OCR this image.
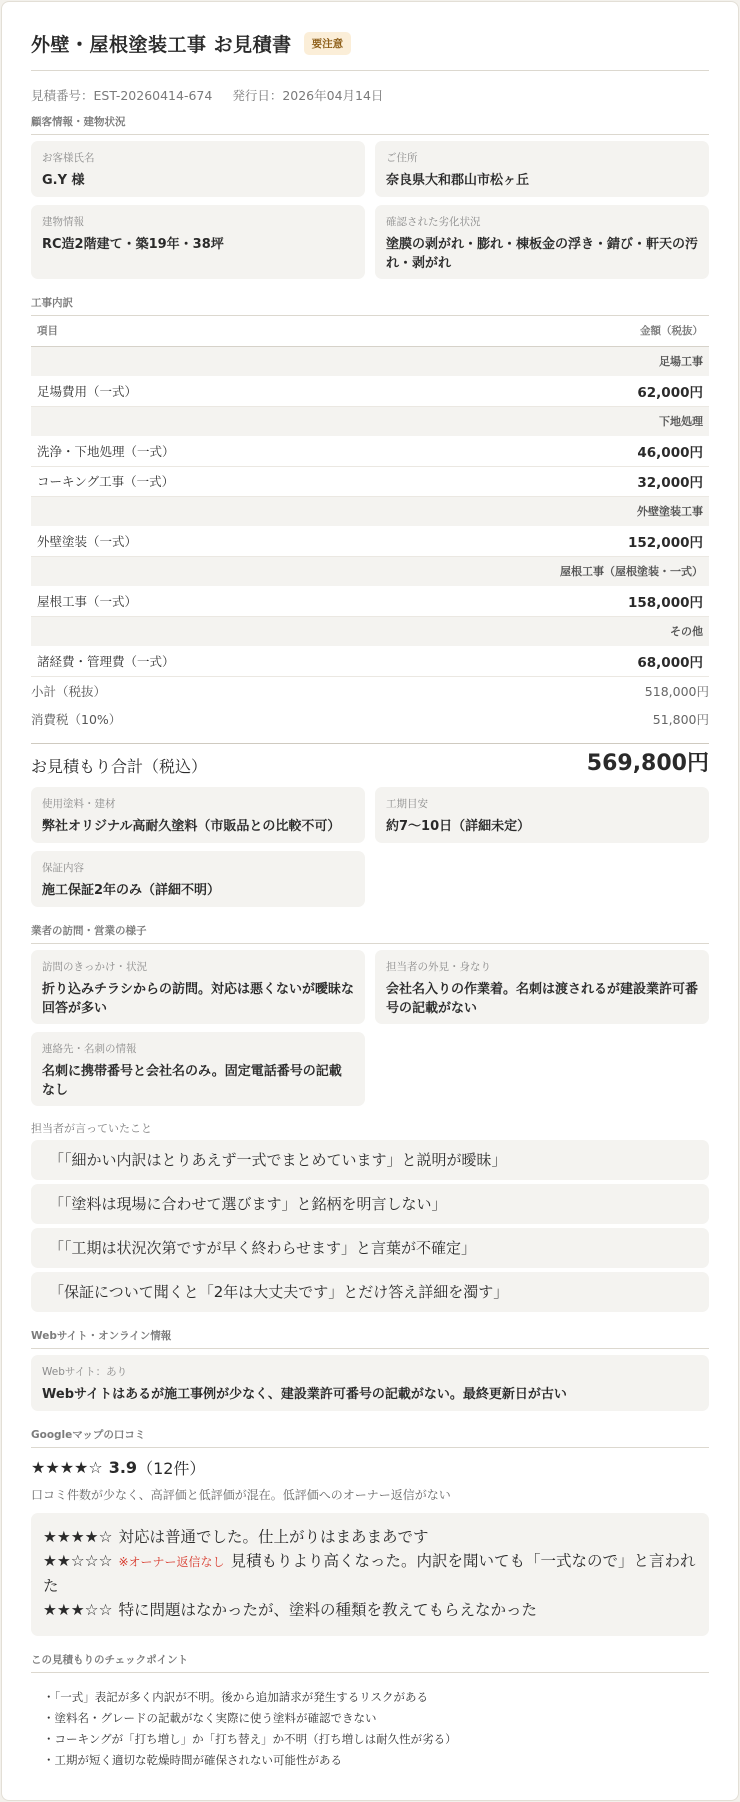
外壁・屋根塗装工事 お見積書	要注意
見積番号：EST-20260414-674 発行日：2026年04月14日
顧客情報・建物状況
お客様氏名
G.Y 様
ご住所
奈良県大和郡山市松ヶ丘
建物情報
RC造2階建て・築19年・38坪
確認された劣化状況
塗膜の剥がれ・膨れ・棟板金の浮き・錆び・軒天の汚れ・剥がれ
工事内訳
項目	金額（税抜）
足場工事	
足場費用（一式）	62,000円
下地処理	
洗浄・下地処理（一式）	46,000円
コーキング工事（一式）	32,000円
外壁塗装工事	
外壁塗装（一式）	152,000円
屋根工事（屋根塗装・一式）	
屋根工事（一式）	158,000円
その他	
諸経費・管理費（一式）	68,000円
小計（税抜）	518,000円
消費税（10%）	51,800円
お見積もり合計（税込）	569,800円
使用塗料・建材
弊社オリジナル高耐久塗料（市販品との比較不可）
工期目安
約7〜10日（詳細未定）
保証内容
施工保証2年のみ（詳細不明）
業者の訪問・営業の様子
訪問のきっかけ・状況
折り込みチラシからの訪問。対応は悪くないが曖昧な回答が多い
担当者の外見・身なり
会社名入りの作業着。名刺は渡されるが建設業許可番号の記載がない
連絡先・名刺の情報
名刺に携帯番号と会社名のみ。固定電話番号の記載なし
担当者が言っていたこと
「「細かい内訳はとりあえず一式でまとめています」と説明が曖昧」
「「塗料は現場に合わせて選びます」と銘柄を明言しない」
「「工期は状況次第ですが早く終わらせます」と言葉が不確定」
「保証について聞くと「2年は大丈夫です」とだけ答え詳細を濁す」
Webサイト・オンライン情報
Webサイト：あり
Webサイトはあるが施工事例が少なく、建設業許可番号の記載がない。最終更新日が古い
Googleマップの口コミ
★★★★☆ 3.9 （12件）
口コミ件数が少なく、高評価と低評価が混在。低評価へのオーナー返信がない
★★★★☆ 対応は普通でした。仕上がりはまあまあです
★★☆☆☆ ※オーナー返信なし 見積もりより高くなった。内訳を聞いても「一式なので」と言われた
★★★☆☆ 特に問題はなかったが、塗料の種類を教えてもらえなかった
この見積もりのチェックポイント
・「一式」表記が多く内訳が不明。後から追加請求が発生するリスクがある
・塗料名・グレードの記載がなく実際に使う塗料が確認できない
・コーキングが「打ち増し」か「打ち替え」か不明（打ち増しは耐久性が劣る）
・工期が短く適切な乾燥時間が確保されない可能性がある
